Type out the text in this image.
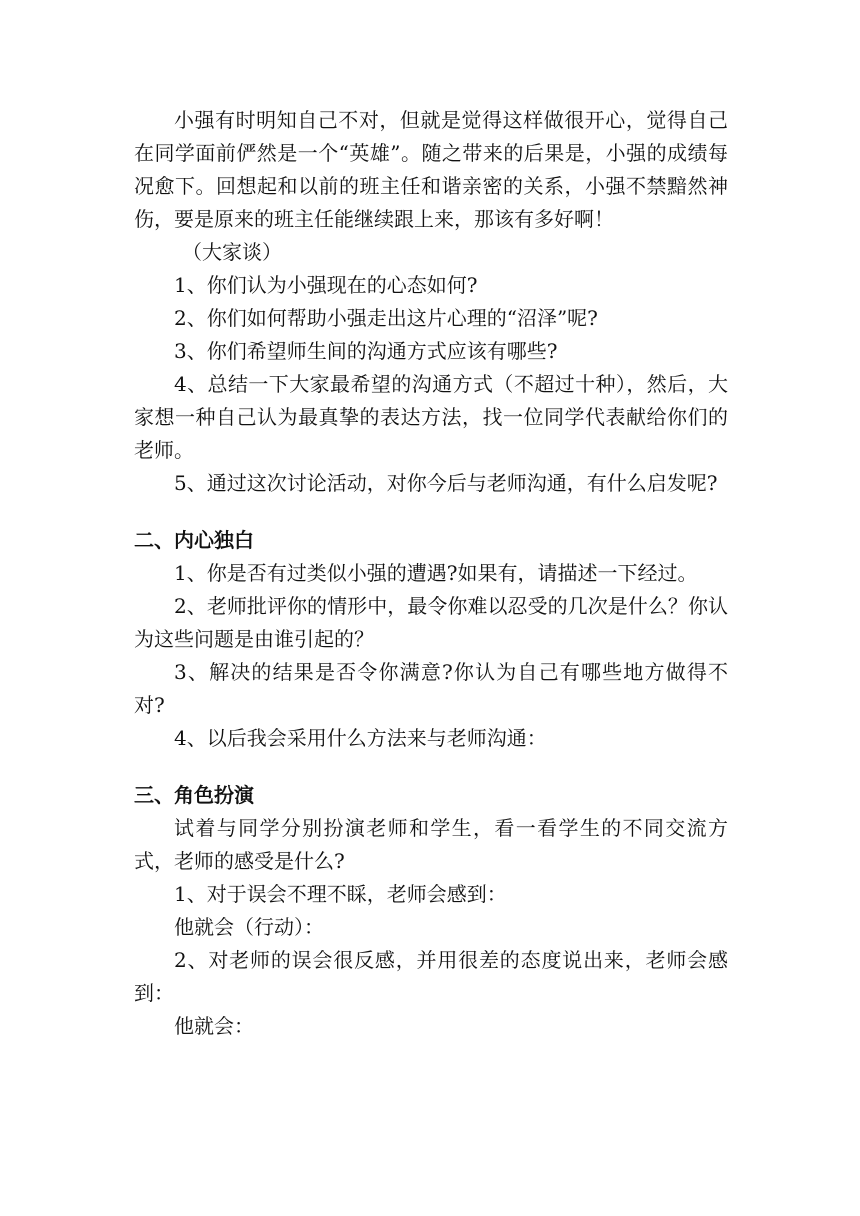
小强有时明知自己不对，但就是觉得这样做很开心，觉得自己在同学面前俨然是一个“英雄”。随之带来的后果是，小强的成绩每况愈下。回想起和以前的班主任和谐亲密的关系，小强不禁黯然神伤，要是原来的班主任能继续跟上来，那该有多好啊！

（大家谈）

1、你们认为小强现在的心态如何?

2、你们如何帮助小强走出这片心理的“沼泽”呢?

3、你们希望师生间的沟通方式应该有哪些?

4、总结一下大家最希望的沟通方式（不超过十种），然后，大家想一种自己认为最真挚的表达方法，找一位同学代表献给你们的老师。

5、通过这次讨论活动，对你今后与老师沟通，有什么启发呢?

二、内心独白

1、你是否有过类似小强的遭遇?如果有，请描述一下经过。

2、老师批评你的情形中，最令你难以忍受的几次是什么？你认为这些问题是由谁引起的？

3、解决的结果是否令你满意?你认为自己有哪些地方做得不对?

4、以后我会采用什么方法来与老师沟通：

三、角色扮演

试着与同学分别扮演老师和学生，看一看学生的不同交流方式，老师的感受是什么?

1、对于误会不理不睬，老师会感到：

他就会（行动）：

2、对老师的误会很反感，并用很差的态度说出来，老师会感到：

他就会：
